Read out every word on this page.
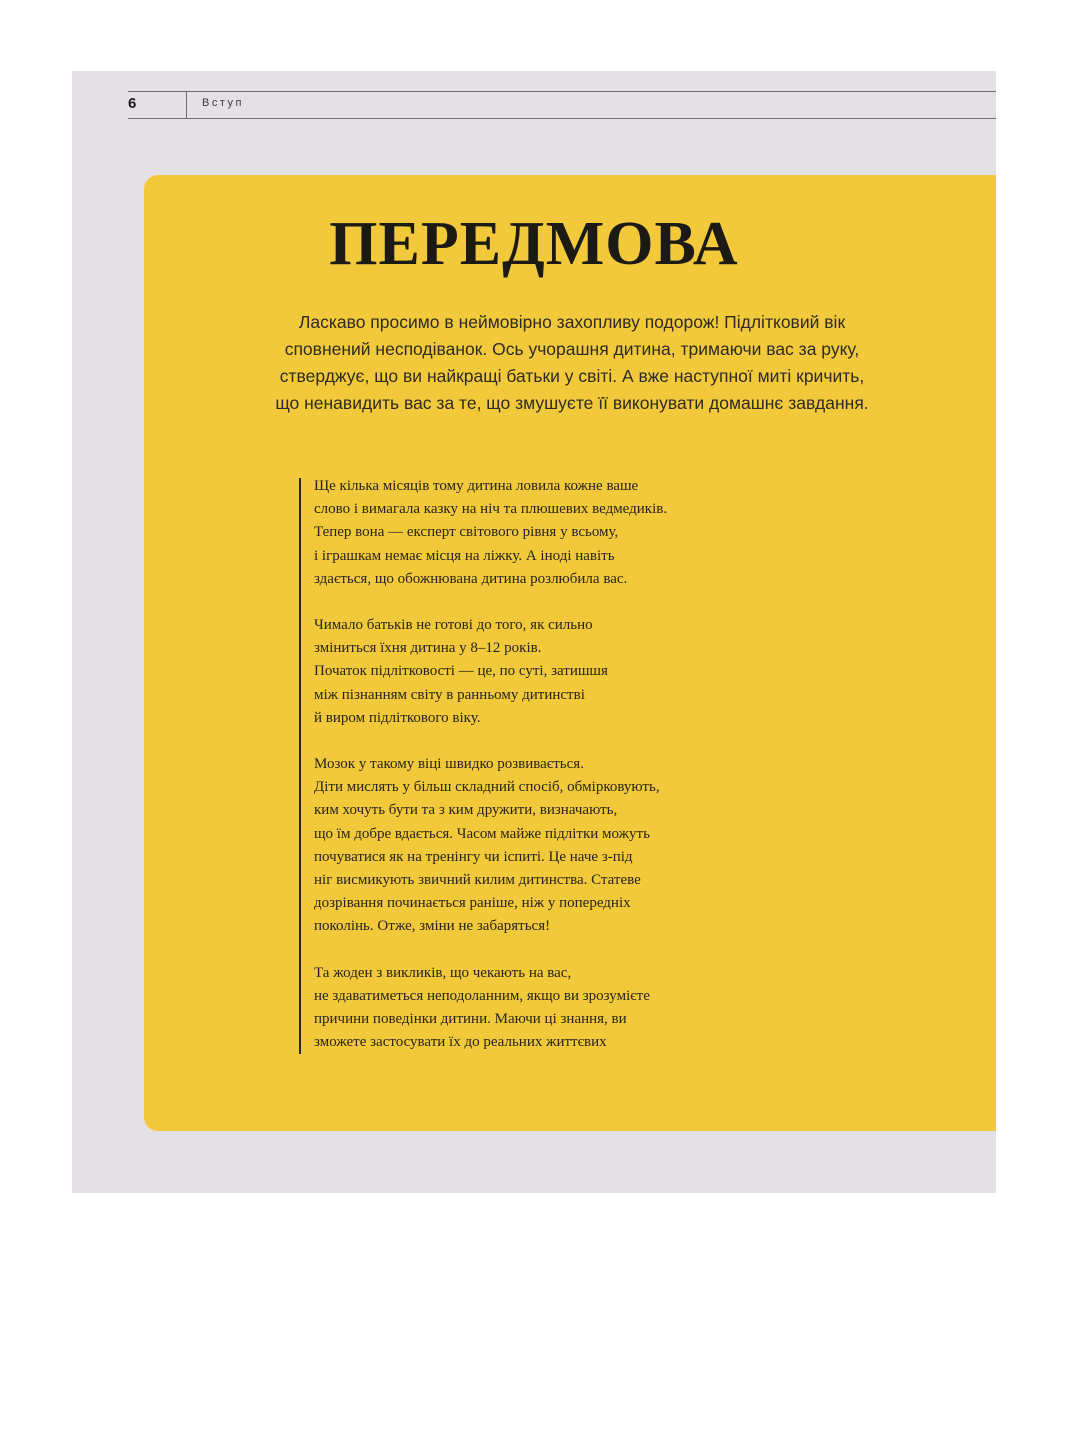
6	Вступ
ПЕРЕДМОВА
Ласкаво просимо в неймовірно захопливу подорож! Підлітковий вік
сповнений несподіванок. Ось учорашня дитина, тримаючи вас за руку,
стверджує, що ви найкращі батьки у світі. А вже наступної миті кричить,
що ненавидить вас за те, що змушуєте її виконувати домашнє завдання.

Ще кілька місяців тому дитина ловила кожне ваше
слово і вимагала казку на ніч та плюшевих ведмедиків.
Тепер вона — експерт світового рівня у всьому,
і іграшкам немає місця на ліжку. А іноді навіть
здається, що обожнювана дитина розлюбила вас.

Чимало батьків не готові до того, як сильно
зміниться їхня дитина у 8–12 років.
Початок підлітковості — це, по суті, затишшя
між пізнанням світу в ранньому дитинстві
й виром підліткового віку.

Мозок у такому віці швидко розвивається.
Діти мислять у більш складний спосіб, обмірковують,
ким хочуть бути та з ким дружити, визначають,
що їм добре вдається. Часом майже підлітки можуть
почуватися як на тренінгу чи іспиті. Це наче з-під
ніг висмикують звичний килим дитинства. Статеве
дозрівання починається раніше, ніж у попередніх
поколінь. Отже, зміни не забаряться!

Та жоден з викликів, що чекають на вас,
не здаватиметься неподоланним, якщо ви зрозумієте
причини поведінки дитини. Маючи ці знання, ви
зможете застосувати їх до реальних життєвих
